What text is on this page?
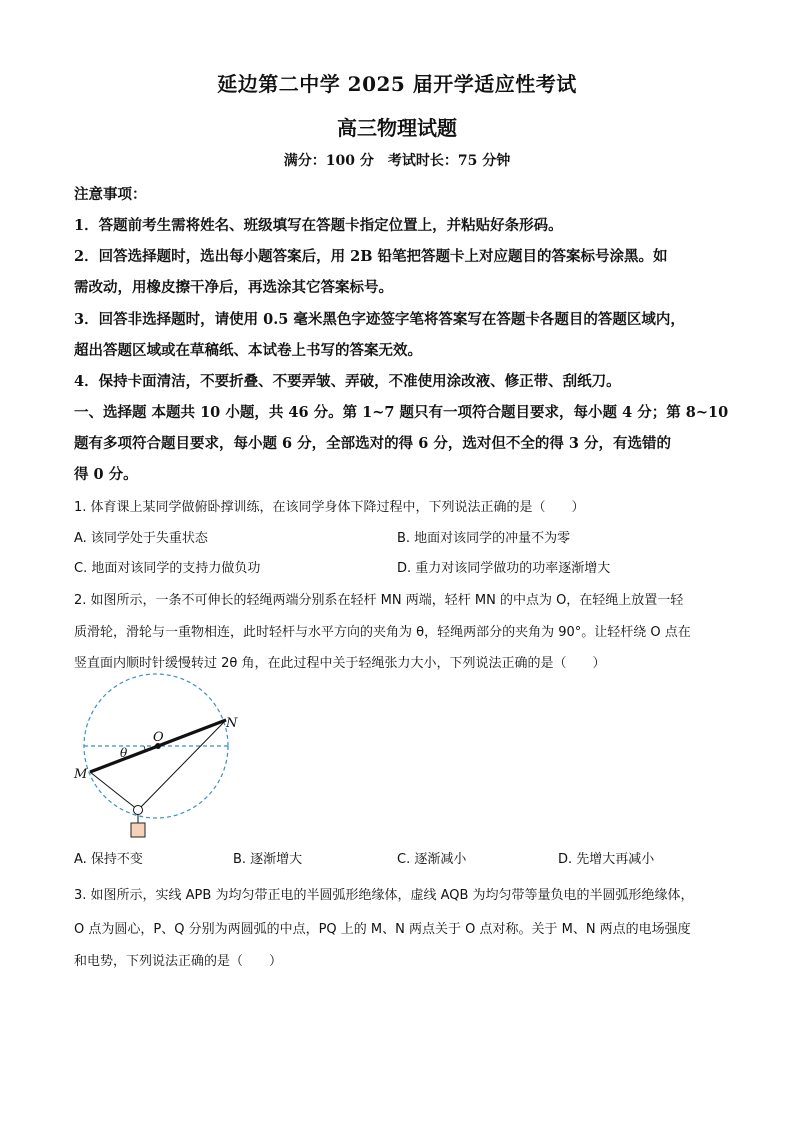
延边第二中学 2025 届开学适应性考试
高三物理试题
满分：100 分　考试时长：75 分钟
注意事项：
1．答题前考生需将姓名、班级填写在答题卡指定位置上，并粘贴好条形码。
2．回答选择题时，选出每小题答案后，用 2B 铅笔把答题卡上对应题目的答案标号涂黑。如
需改动，用橡皮擦干净后，再选涂其它答案标号。
3．回答非选择题时，请使用 0.5 毫米黑色字迹签字笔将答案写在答题卡各题目的答题区域内，
超出答题区域或在草稿纸、本试卷上书写的答案无效。
4．保持卡面清洁，不要折叠、不要弄皱、弄破，不准使用涂改液、修正带、刮纸刀。
一、选择题 本题共 10 小题，共 46 分。第 1~7 题只有一项符合题目要求，每小题 4 分；第 8~10
题有多项符合题目要求，每小题 6 分，全部选对的得 6 分，选对但不全的得 3 分，有选错的
得 0 分。
1. 体育课上某同学做俯卧撑训练，在该同学身体下降过程中，下列说法正确的是（　　）
A. 该同学处于失重状态	B. 地面对该同学的冲量不为零
C. 地面对该同学的支持力做负功	D. 重力对该同学做功的功率逐渐增大
2. 如图所示，一条不可伸长的轻绳两端分别系在轻杆 MN 两端，轻杆 MN 的中点为 O，在轻绳上放置一轻
质滑轮，滑轮与一重物相连，此时轻杆与水平方向的夹角为 θ，轻绳两部分的夹角为 90°。让轻杆绕 O 点在
竖直面内顺时针缓慢转过 2θ 角，在此过程中关于轻绳张力大小，下列说法正确的是（　　）
M
N
O
θ
A. 保持不变	B. 逐渐增大	C. 逐渐减小	D. 先增大再减小
3. 如图所示，实线 APB 为均匀带正电的半圆弧形绝缘体，虚线 AQB 为均匀带等量负电的半圆弧形绝缘体，
O 点为圆心，P、Q 分别为两圆弧的中点，PQ 上的 M、N 两点关于 O 点对称。关于 M、N 两点的电场强度
和电势，下列说法正确的是（　　）
